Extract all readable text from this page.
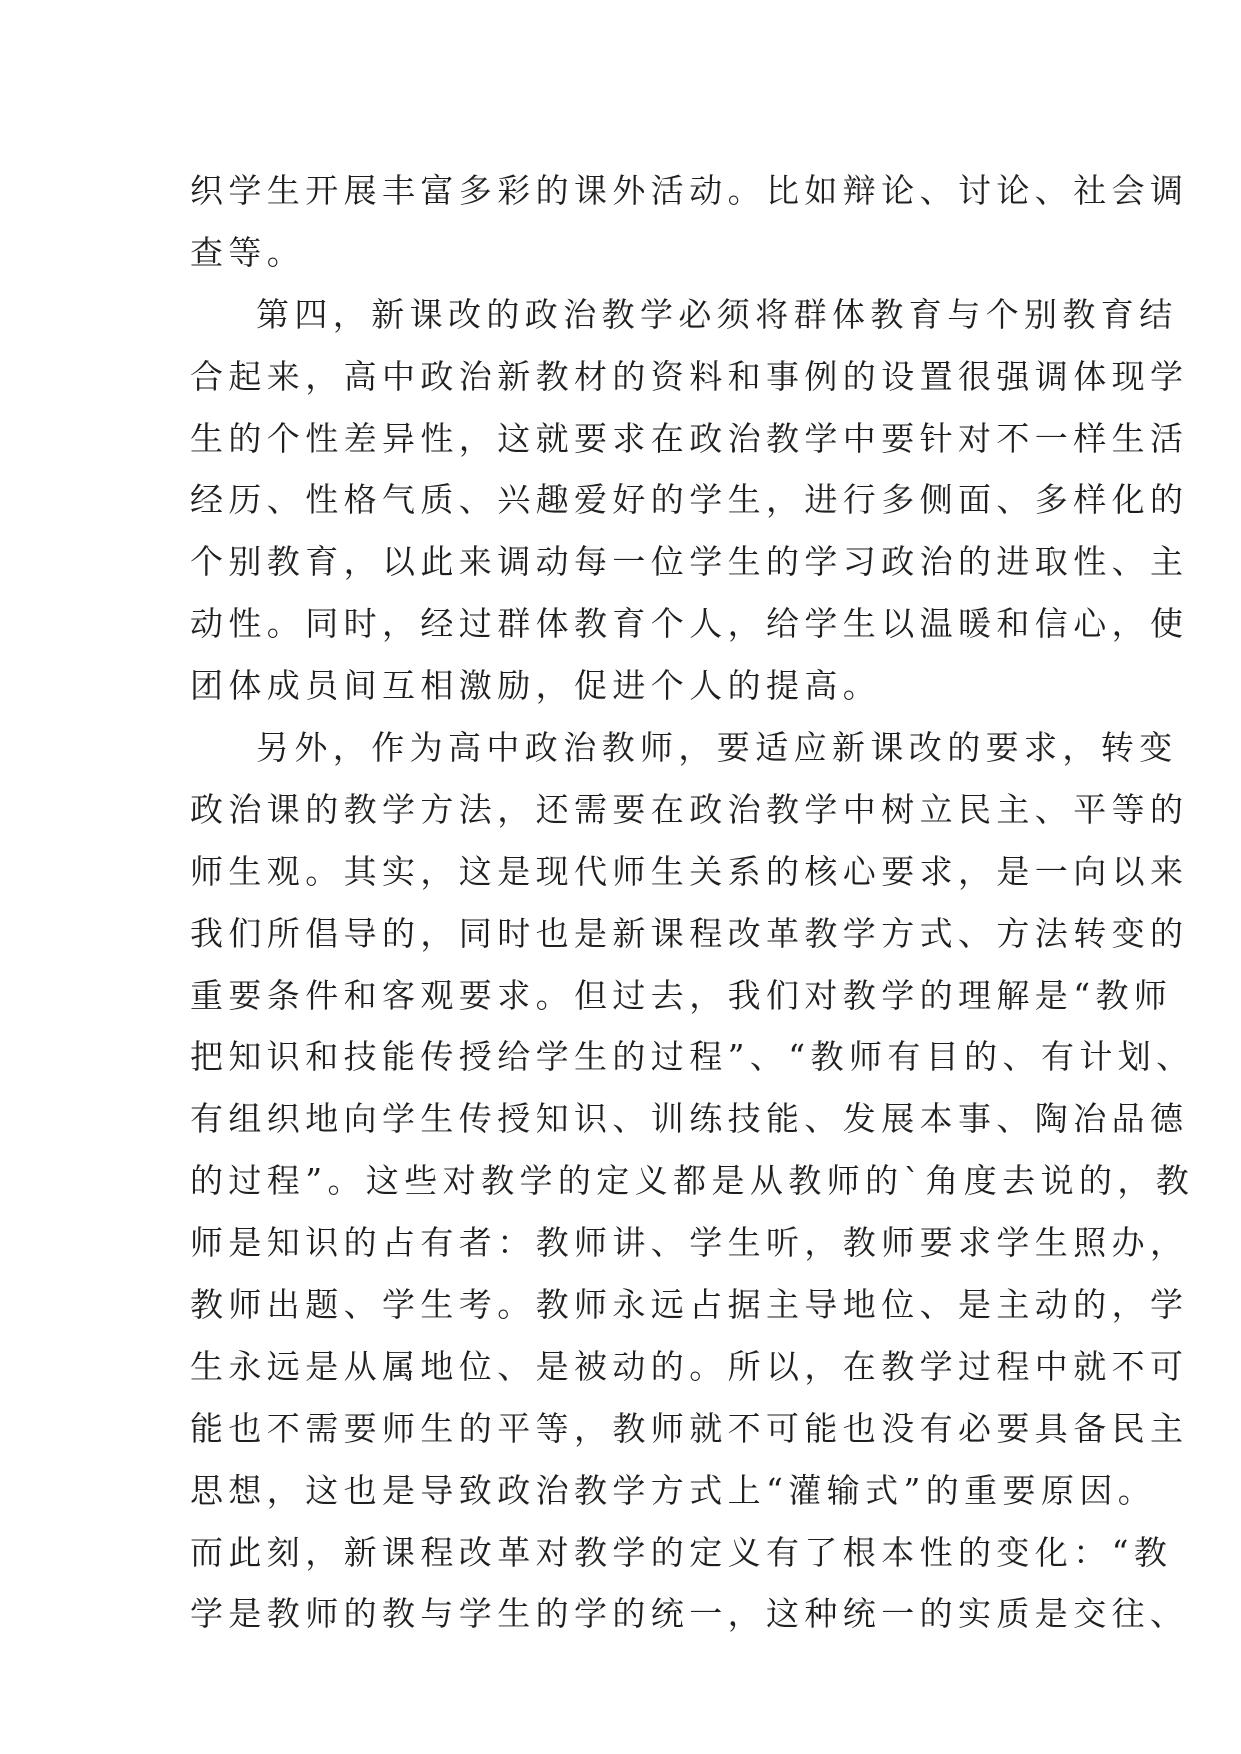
织学生开展丰富多彩的课外活动。比如辩论、讨论、社会调
查等。
第四，新课改的政治教学必须将群体教育与个别教育结
合起来，高中政治新教材的资料和事例的设置很强调体现学
生的个性差异性，这就要求在政治教学中要针对不一样生活
经历、性格气质、兴趣爱好的学生，进行多侧面、多样化的
个别教育，以此来调动每一位学生的学习政治的进取性、主
动性。同时，经过群体教育个人，给学生以温暖和信心，使
团体成员间互相激励，促进个人的提高。
另外，作为高中政治教师，要适应新课改的要求，转变
政治课的教学方法，还需要在政治教学中树立民主、平等的
师生观。其实，这是现代师生关系的核心要求，是一向以来
我们所倡导的，同时也是新课程改革教学方式、方法转变的
重要条件和客观要求。但过去，我们对教学的理解是“教师
把知识和技能传授给学生的过程”、“教师有目的、有计划、
有组织地向学生传授知识、训练技能、发展本事、陶冶品德
的过程”。这些对教学的定义都是从教师的`角度去说的，教
师是知识的占有者：教师讲、学生听，教师要求学生照办，
教师出题、学生考。教师永远占据主导地位、是主动的，学
生永远是从属地位、是被动的。所以，在教学过程中就不可
能也不需要师生的平等，教师就不可能也没有必要具备民主
思想，这也是导致政治教学方式上“灌输式”的重要原因。
而此刻，新课程改革对教学的定义有了根本性的变化：“教
学是教师的教与学生的学的统一，这种统一的实质是交往、
